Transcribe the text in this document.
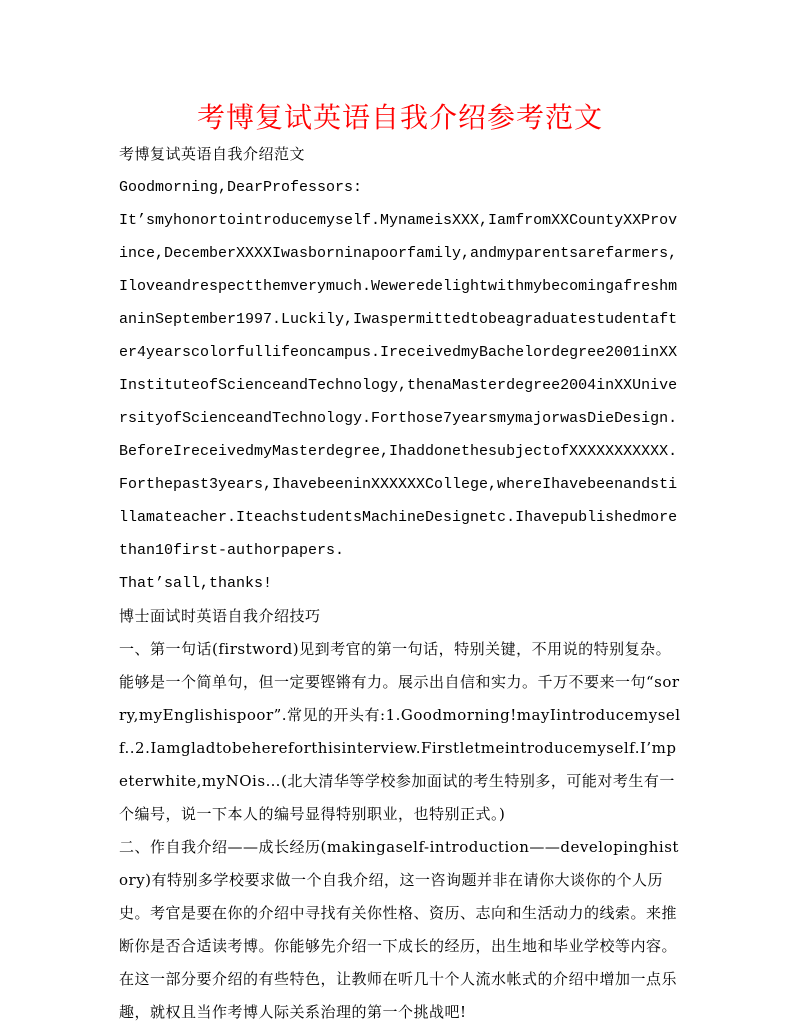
考博复试英语自我介绍参考范文

考博复试英语自我介绍范文

Goodmorning,DearProfessors:

It’smyhonortointroducemyself.MynameisXXX,IamfromXXCountyXXProvince,DecemberXXXXIwasborninapoorfamily,andmyparentsarefarmers,Iloveandrespectthemverymuch.WeweredelightwithmybecomingafreshmaninSeptember1997.Luckily,Iwaspermittedtobeagraduatestudentafter4yearscolorfullifeoncampus.IreceivedmyBachelordegree2001inXXInstituteofScienceandTechnology,thenaMasterdegree2004inXXUniversityofScienceandTechnology.Forthose7yearsmymajorwasDieDesign.BeforeIreceivedmyMasterdegree,IhaddonethesubjectofXXXXXXXXXXX.Forthepast3years,IhavebeeninXXXXXXCollege,whereIhavebeenandstillamateacher.IteachstudentsMachineDesignetc.Ihavepublishedmorethan10first-authorpapers.

That’sall,thanks!

博士面试时英语自我介绍技巧

一、第一句话(firstword)见到考官的第一句话，特别关键，不用说的特别复杂。能够是一个简单句，但一定要铿锵有力。展示出自信和实力。千万不要来一句“sorry,myEnglishispoor”.常见的开头有:1.Goodmorning!mayIintroducemyself..2.Iamgladtobehereforthisinterview.Firstletmeintroducemyself.I’mpeterwhite,myNOis…(北大清华等学校参加面试的考生特别多，可能对考生有一个编号，说一下本人的编号显得特别职业，也特别正式。)

二、作自我介绍——成长经历(makingaself-introduction——developinghistory)有特别多学校要求做一个自我介绍，这一咨询题并非在请你大谈你的个人历史。考官是要在你的介绍中寻找有关你性格、资历、志向和生活动力的线索。来推断你是否合适读考博。你能够先介绍一下成长的经历，出生地和毕业学校等内容。在这一部分要介绍的有些特色，让教师在听几十个人流水帐式的介绍中增加一点乐趣，就权且当作考博人际关系治理的第一个挑战吧!
